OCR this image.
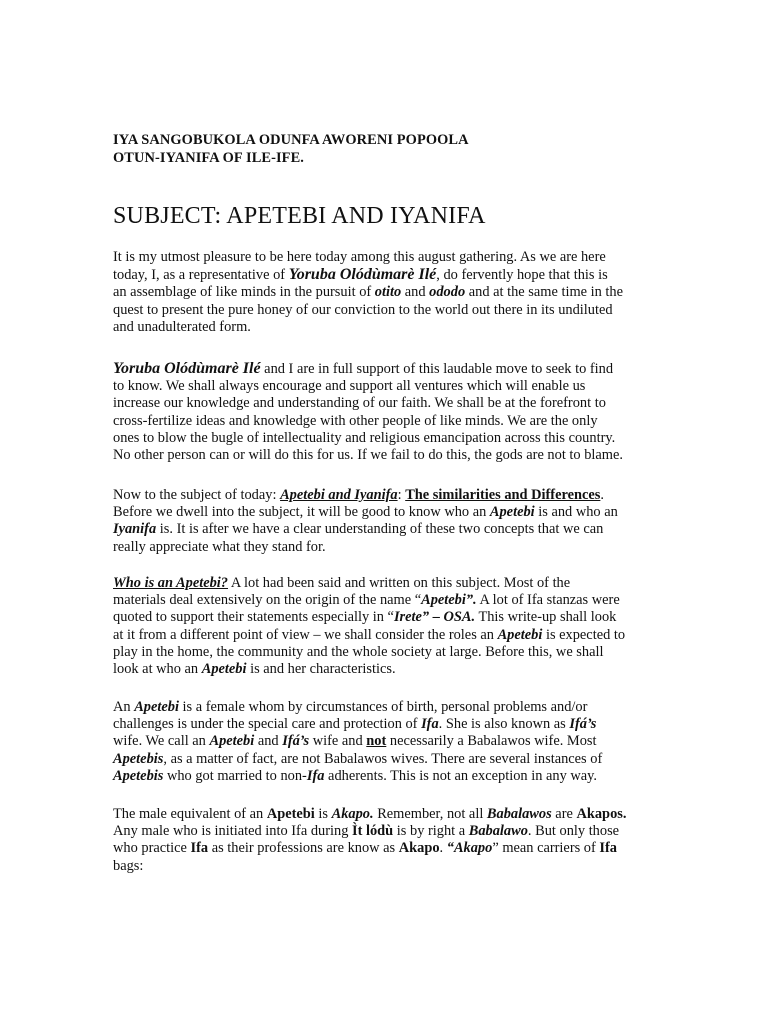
IYA SANGOBUKOLA ODUNFA AWORENI POPOOLA
OTUN-IYANIFA OF ILE-IFE.
SUBJECT: APETEBI AND IYANIFA
It is my utmost pleasure to be here today among this august gathering. As we are here
today, I, as a representative of Yoruba Olódùmarè Ilé, do fervently hope that this is
an assemblage of like minds in the pursuit of otito and ododo and at the same time in the
quest to present the pure honey of our conviction to the world out there in its undiluted
and unadulterated form.
Yoruba Olódùmarè Ilé and I are in full support of this laudable move to seek to find
to know. We shall always encourage and support all ventures which will enable us
increase our knowledge and understanding of our faith. We shall be at the forefront to
cross-fertilize ideas and knowledge with other people of like minds. We are the only
ones to blow the bugle of intellectuality and religious emancipation across this country.
No other person can or will do this for us. If we fail to do this, the gods are not to blame.
Now to the subject of today: Apetebi and Iyanifa: The similarities and Differences.
Before we dwell into the subject, it will be good to know who an Apetebi is and who an
Iyanifa is. It is after we have a clear understanding of these two concepts that we can
really appreciate what they stand for.
Who is an Apetebi? A lot had been said and written on this subject. Most of the
materials deal extensively on the origin of the name “Apetebi”. A lot of Ifa stanzas were
quoted to support their statements especially in “Irete” – OSA. This write-up shall look
at it from a different point of view – we shall consider the roles an Apetebi is expected to
play in the home, the community and the whole society at large. Before this, we shall
look at who an Apetebi is and her characteristics.
An Apetebi is a female whom by circumstances of birth, personal problems and/or
challenges is under the special care and protection of Ifa. She is also known as Ifá’s
wife. We call an Apetebi and Ifá’s wife and not necessarily a Babalawos wife. Most
Apetebis, as a matter of fact, are not Babalawos wives. There are several instances of
Apetebis who got married to non-Ifa adherents. This is not an exception in any way.
The male equivalent of an Apetebi is Akapo. Remember, not all Babalawos are Akapos.
Any male who is initiated into Ifa during Ìt lódù is by right a Babalawo. But only those
who practice Ifa as their professions are know as Akapo. “Akapo” mean carriers of Ifa
bags:
